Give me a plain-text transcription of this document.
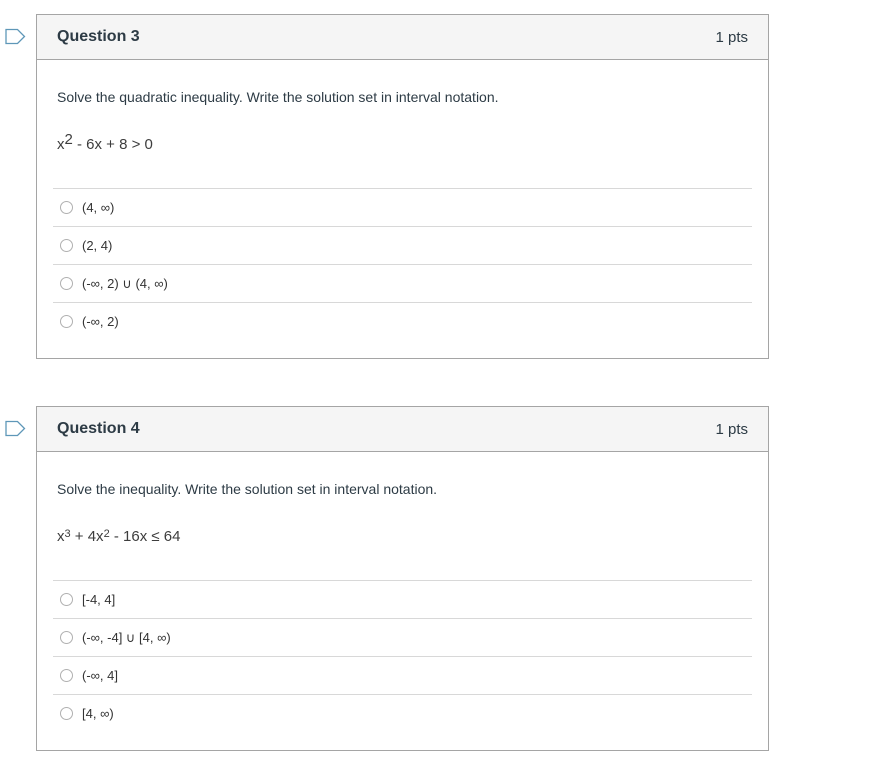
Question 3	1 pts

Solve the quadratic inequality. Write the solution set in interval notation.

$x^2 - 6x + 8 > 0$
(4, ∞)
(2, 4)
(-∞, 2) ∪ (4, ∞)
(-∞, 2)
Question 4	1 pts

Solve the inequality. Write the solution set in interval notation.

$x^3 + 4x^2 - 16x \le 64$
[-4, 4]
(-∞, -4] ∪ [4, ∞)
(-∞, 4]
[4, ∞)
